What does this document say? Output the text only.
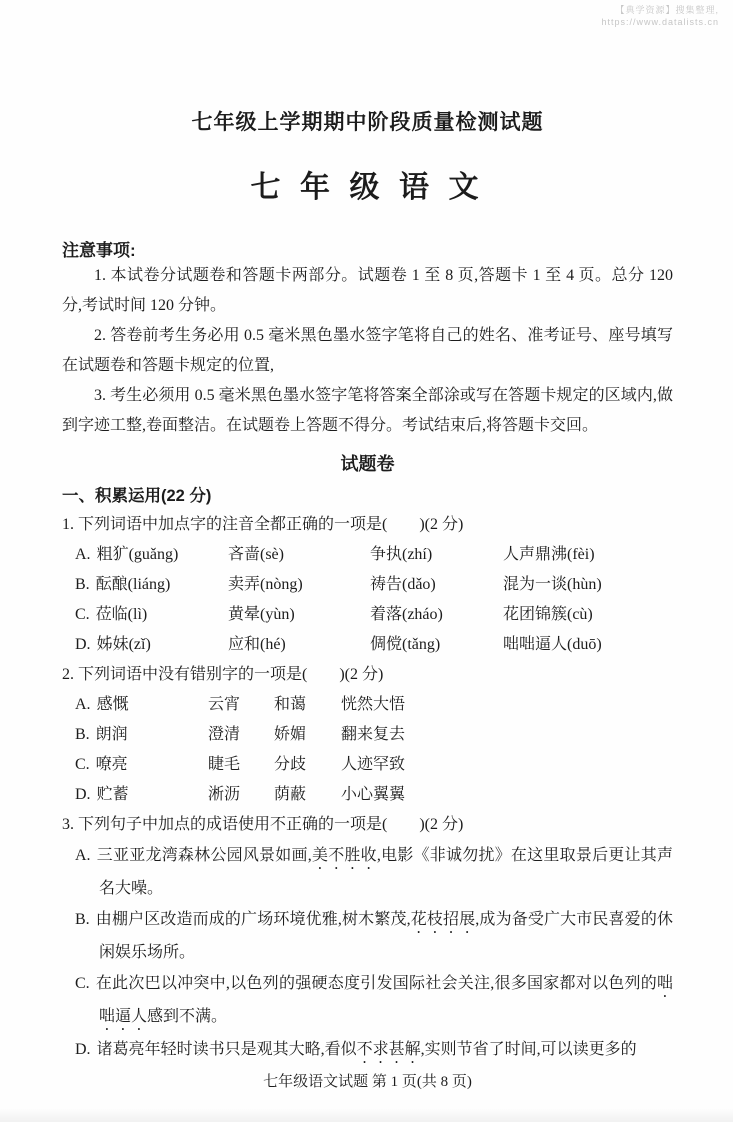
【典学资源】搜集整理,
https://www.datalists.cn
七年级上学期期中阶段质量检测试题
七 年 级 语 文
注意事项:

1. 本试卷分试题卷和答题卡两部分。试题卷 1 至 8 页,答题卡 1 至 4 页。总分 120 分,考试时间 120 分钟。

2. 答卷前考生务必用 0.5 毫米黑色墨水签字笔将自己的姓名、准考证号、座号填写在试题卷和答题卡规定的位置,

3. 考生必须用 0.5 毫米黑色墨水签字笔将答案全部涂或写在答题卡规定的区域内,做到字迹工整,卷面整洁。在试题卷上答题不得分。考试结束后,将答题卡交回。

试题卷
一、积累运用(22 分)
1. 下列词语中加点字的注音全都正确的一项是(　　)(2 分)
A. 粗犷(guǎng)	吝啬(sè)	争执(zhí)	人声鼎沸(fèi)
B. 酝酿(liáng)	卖弄(nòng)	祷告(dǎo)	混为一谈(hùn)
C. 莅临(lì)	黄晕(yùn)	着落(zháo)	花团锦簇(cù)
D. 姊妹(zǐ)	应和(hé)	倜傥(tǎng)	咄咄逼人(duō)
2. 下列词语中没有错别字的一项是(　　)(2 分)
A. 感慨	云宵	和蔼	恍然大悟
B. 朗润	澄清	娇媚	翻来复去
C. 嘹亮	睫毛	分歧	人迹罕致
D. 贮蓄	淅沥	荫蔽	小心翼翼
3. 下列句子中加点的成语使用不正确的一项是(　　)(2 分)

A. 三亚亚龙湾森林公园风景如画,美不胜收,电影《非诚勿扰》在这里取景后更让其声名大噪。

B. 由棚户区改造而成的广场环境优雅,树木繁茂,花枝招展,成为备受广大市民喜爱的休闲娱乐场所。

C. 在此次巴以冲突中,以色列的强硬态度引发国际社会关注,很多国家都对以色列的咄咄逼人感到不满。

D. 诸葛亮年轻时读书只是观其大略,看似不求甚解,实则节省了时间,可以读更多的

七年级语文试题 第 1 页(共 8 页)
